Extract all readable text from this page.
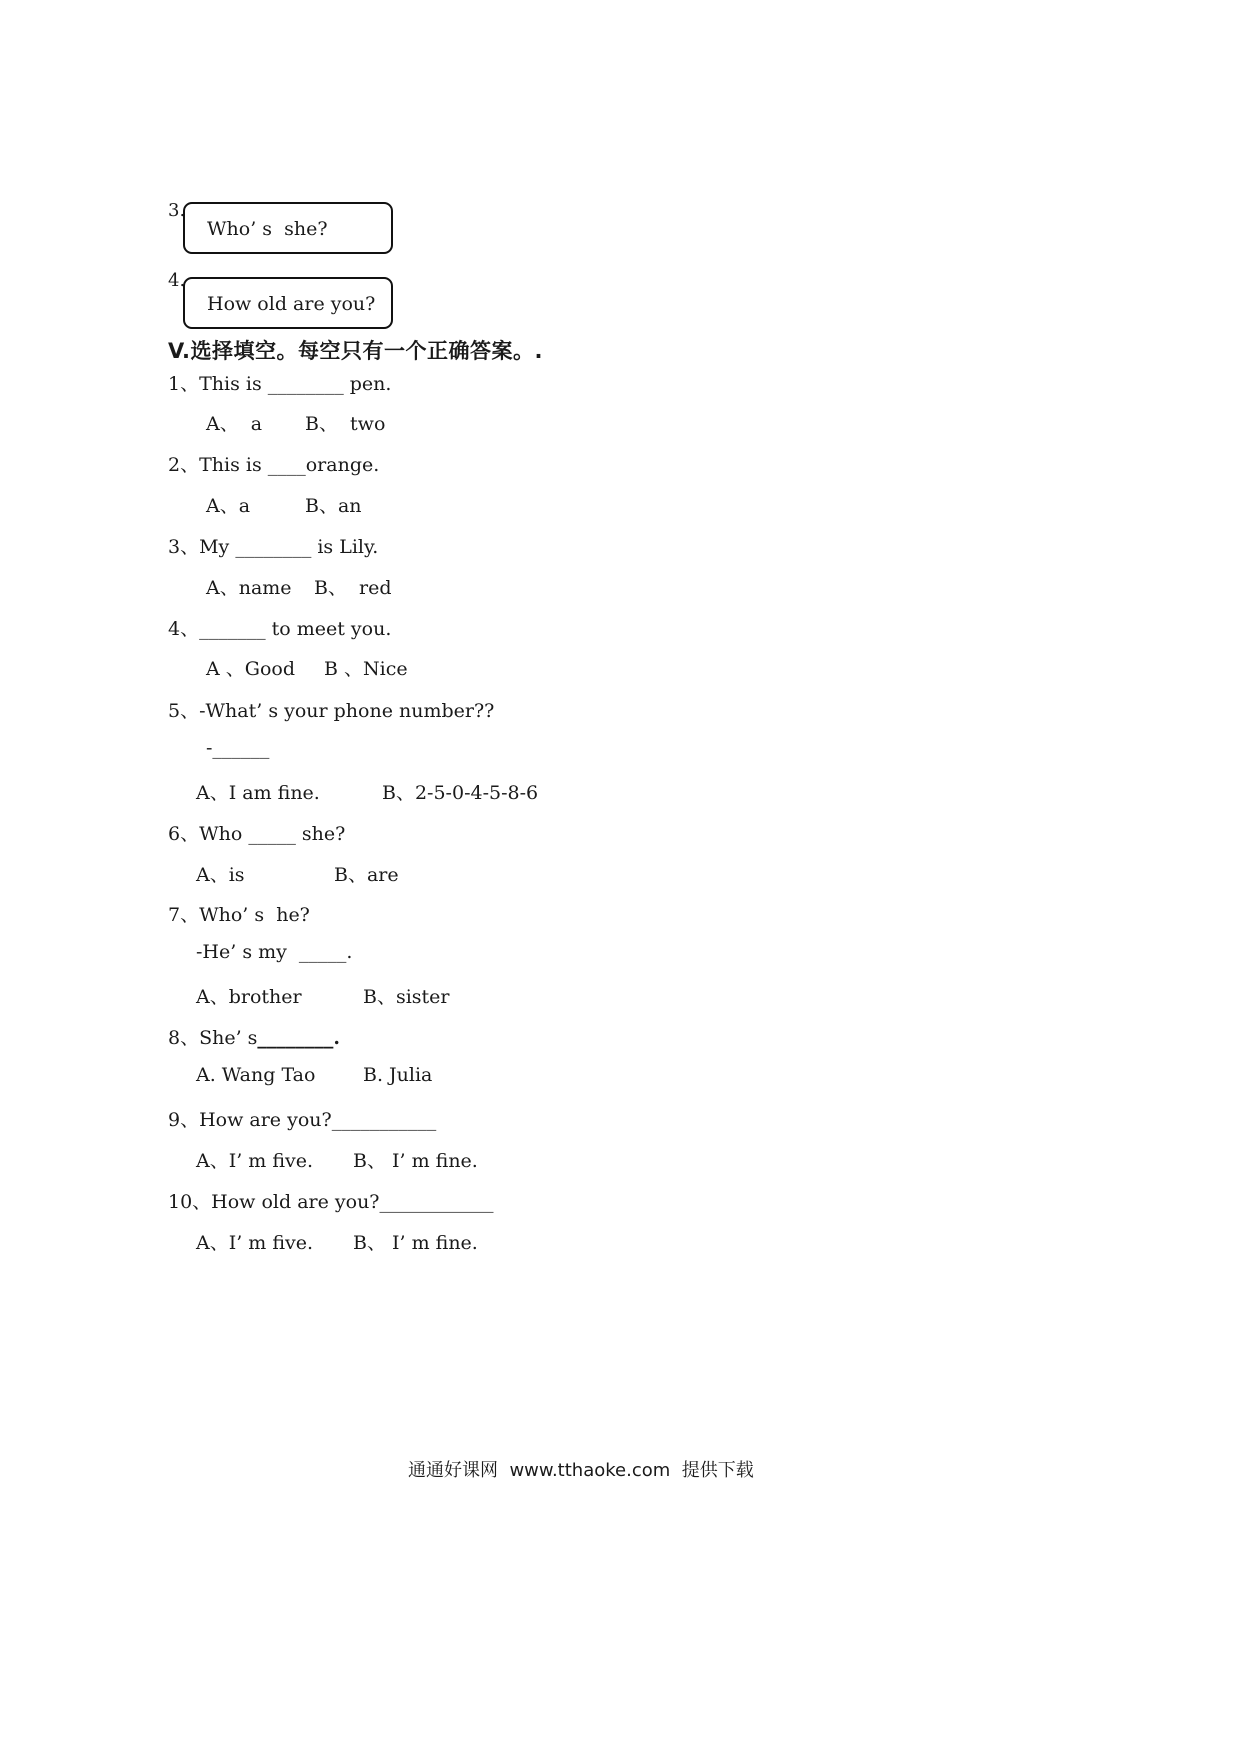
3.
Who’ s  she?
4.
How old are you?
V.选择填空。每空只有一个正确答案。.
1、This is ________ pen.
A、  a B、  two
2、This is ____orange.
A、a	B、an
3、My ________ is Lily.
A、name B、  red
4、_______ to meet you.
A 、Good B 、Nice
5、-What’ s your phone number??
-______
A、I am fine.	B、2-5-0-4-5-8-6
6、Who _____ she?
A、is	B、are
7、Who’ s  he?
-He’ s my  _____.
A、brother	B、sister
8、She’ s________.
A. Wang Tao	B. Julia
9、How are you?___________
A、I’ m five. B、 I’ m fine.
10、How old are you?____________
A、I’ m five. B、 I’ m fine.
通通好课网  www.tthaoke.com  提供下载
